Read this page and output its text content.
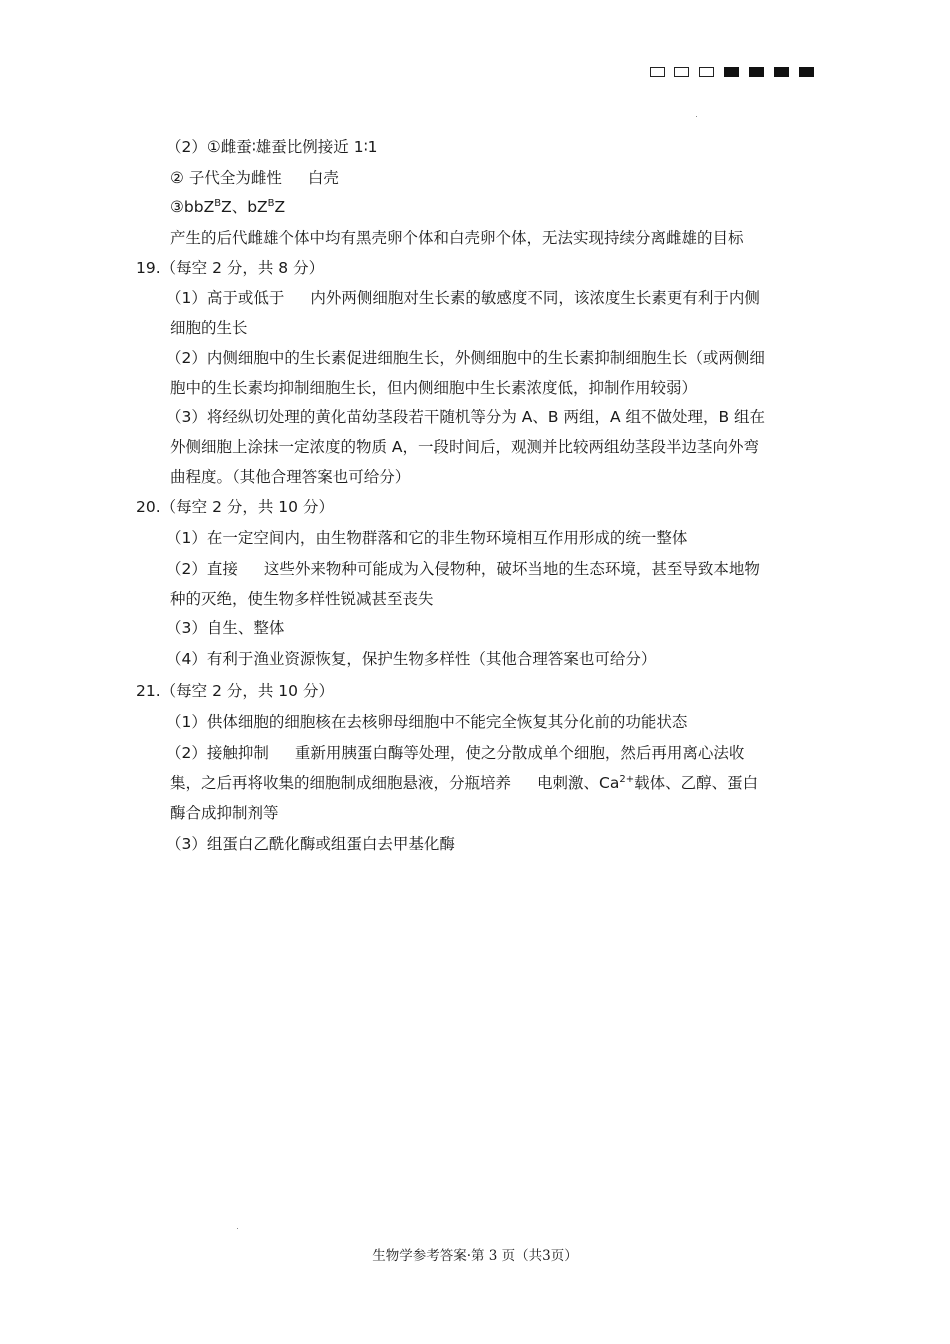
（2）①雌蚕∶雄蚕比例接近 1∶1
② 子代全为雌性 白壳
③bbZ$^B$Z、$bZ^BZ$
产生的后代雌雄个体中均有黑壳卵个体和白壳卵个体，无法实现持续分离雌雄的目标
19.（每空 2 分，共 8 分）
（1）高于或低于 内外两侧细胞对生长素的敏感度不同，该浓度生长素更有利于内侧
细胞的生长
（2）内侧细胞中的生长素促进细胞生长，外侧细胞中的生长素抑制细胞生长（或两侧细
胞中的生长素均抑制细胞生长，但内侧细胞中生长素浓度低，抑制作用较弱）
（3）将经纵切处理的黄化苗幼茎段若干随机等分为 A、B 两组，A 组不做处理，B 组在
外侧细胞上涂抹一定浓度的物质 A，一段时间后，观测并比较两组幼茎段半边茎向外弯
曲程度。（其他合理答案也可给分）
20.（每空 2 分，共 10 分）
（1）在一定空间内，由生物群落和它的非生物环境相互作用形成的统一整体
（2）直接 这些外来物种可能成为入侵物种，破坏当地的生态环境，甚至导致本地物
种的灭绝，使生物多样性锐减甚至丧失
（3）自生、整体
（4）有利于渔业资源恢复，保护生物多样性（其他合理答案也可给分）
21.（每空 2 分，共 10 分）
（1）供体细胞的细胞核在去核卵母细胞中不能完全恢复其分化前的功能状态
（2）接触抑制 重新用胰蛋白酶等处理，使之分散成单个细胞，然后再用离心法收
集，之后再将收集的细胞制成细胞悬液，分瓶培养 电刺激、$Ca^{2+}$载体、乙醇、蛋白
酶合成抑制剂等
（3）组蛋白乙酰化酶或组蛋白去甲基化酶
生物学参考答案·第 3 页（共3页）
